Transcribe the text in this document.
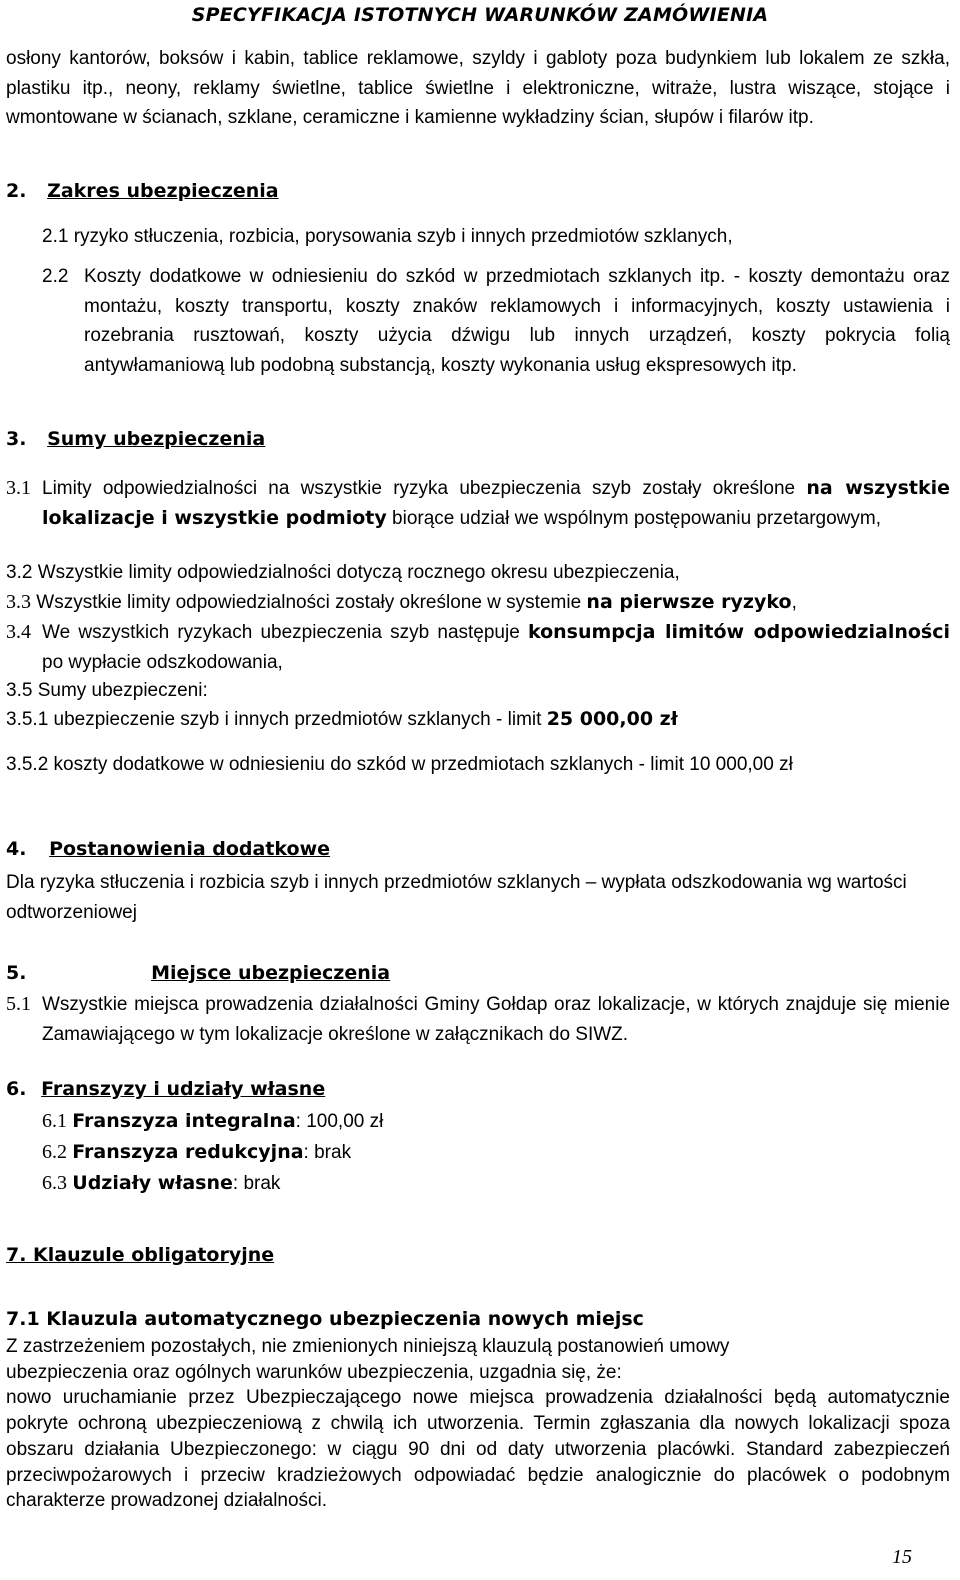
SPECYFIKACJA ISTOTNYCH WARUNKÓW ZAMÓWIENIA
osłony kantorów, boksów i kabin, tablice reklamowe, szyldy i gabloty poza budynkiem lub lokalem ze szkła, plastiku itp., neony, reklamy świetlne, tablice świetlne i elektroniczne, witraże, lustra wiszące, stojące i wmontowane w ścianach, szklane, ceramiczne i kamienne wykładziny ścian, słupów i filarów itp.
2. Zakres ubezpieczenia
2.1 ryzyko stłuczenia, rozbicia, porysowania szyb i innych przedmiotów szklanych,
2.2 Koszty dodatkowe w odniesieniu do szkód w przedmiotach szklanych itp. - koszty demontażu oraz montażu, koszty transportu, koszty znaków reklamowych i informacyjnych, koszty ustawienia i rozebrania rusztowań, koszty użycia dźwigu lub innych urządzeń, koszty pokrycia folią antywłamaniową lub podobną substancją, koszty wykonania usług ekspresowych itp.
3. Sumy ubezpieczenia
3.1 Limity odpowiedzialności na wszystkie ryzyka ubezpieczenia szyb zostały określone na wszystkie lokalizacje i wszystkie podmioty biorące udział we wspólnym postępowaniu przetargowym,
3.2 Wszystkie limity odpowiedzialności dotyczą rocznego okresu ubezpieczenia,
3.3 Wszystkie limity odpowiedzialności zostały określone w systemie na pierwsze ryzyko,
3.4 We wszystkich ryzykach ubezpieczenia szyb następuje konsumpcja limitów odpowiedzialności po wypłacie odszkodowania,
3.5 Sumy ubezpieczeni:
3.5.1 ubezpieczenie szyb i innych przedmiotów szklanych - limit 25 000,00 zł
3.5.2 koszty dodatkowe w odniesieniu do szkód w przedmiotach szklanych - limit 10 000,00 zł
4. Postanowienia dodatkowe
Dla ryzyka stłuczenia i rozbicia szyb i innych przedmiotów szklanych – wypłata odszkodowania wg wartości odtworzeniowej
5.	Miejsce ubezpieczenia
5.1 Wszystkie miejsca prowadzenia działalności Gminy Gołdap oraz lokalizacje, w których znajduje się mienie Zamawiającego w tym lokalizacje określone w załącznikach do SIWZ.
6. Franszyzy i udziały własne
6.1 Franszyza integralna: 100,00 zł
6.2 Franszyza redukcyjna: brak
6.3 Udziały własne: brak
7. Klauzule obligatoryjne
7.1 Klauzula automatycznego ubezpieczenia nowych miejsc
Z zastrzeżeniem pozostałych, nie zmienionych niniejszą klauzulą postanowień umowy
ubezpieczenia oraz ogólnych warunków ubezpieczenia, uzgadnia się, że:
nowo uruchamianie przez Ubezpieczającego nowe miejsca prowadzenia działalności będą automatycznie pokryte ochroną ubezpieczeniową z chwilą ich utworzenia. Termin zgłaszania dla nowych lokalizacji spoza obszaru działania Ubezpieczonego: w ciągu 90 dni od daty utworzenia placówki. Standard zabezpieczeń przeciwpożarowych i przeciw kradzieżowych odpowiadać będzie analogicznie do placówek o podobnym charakterze prowadzonej działalności.
15
